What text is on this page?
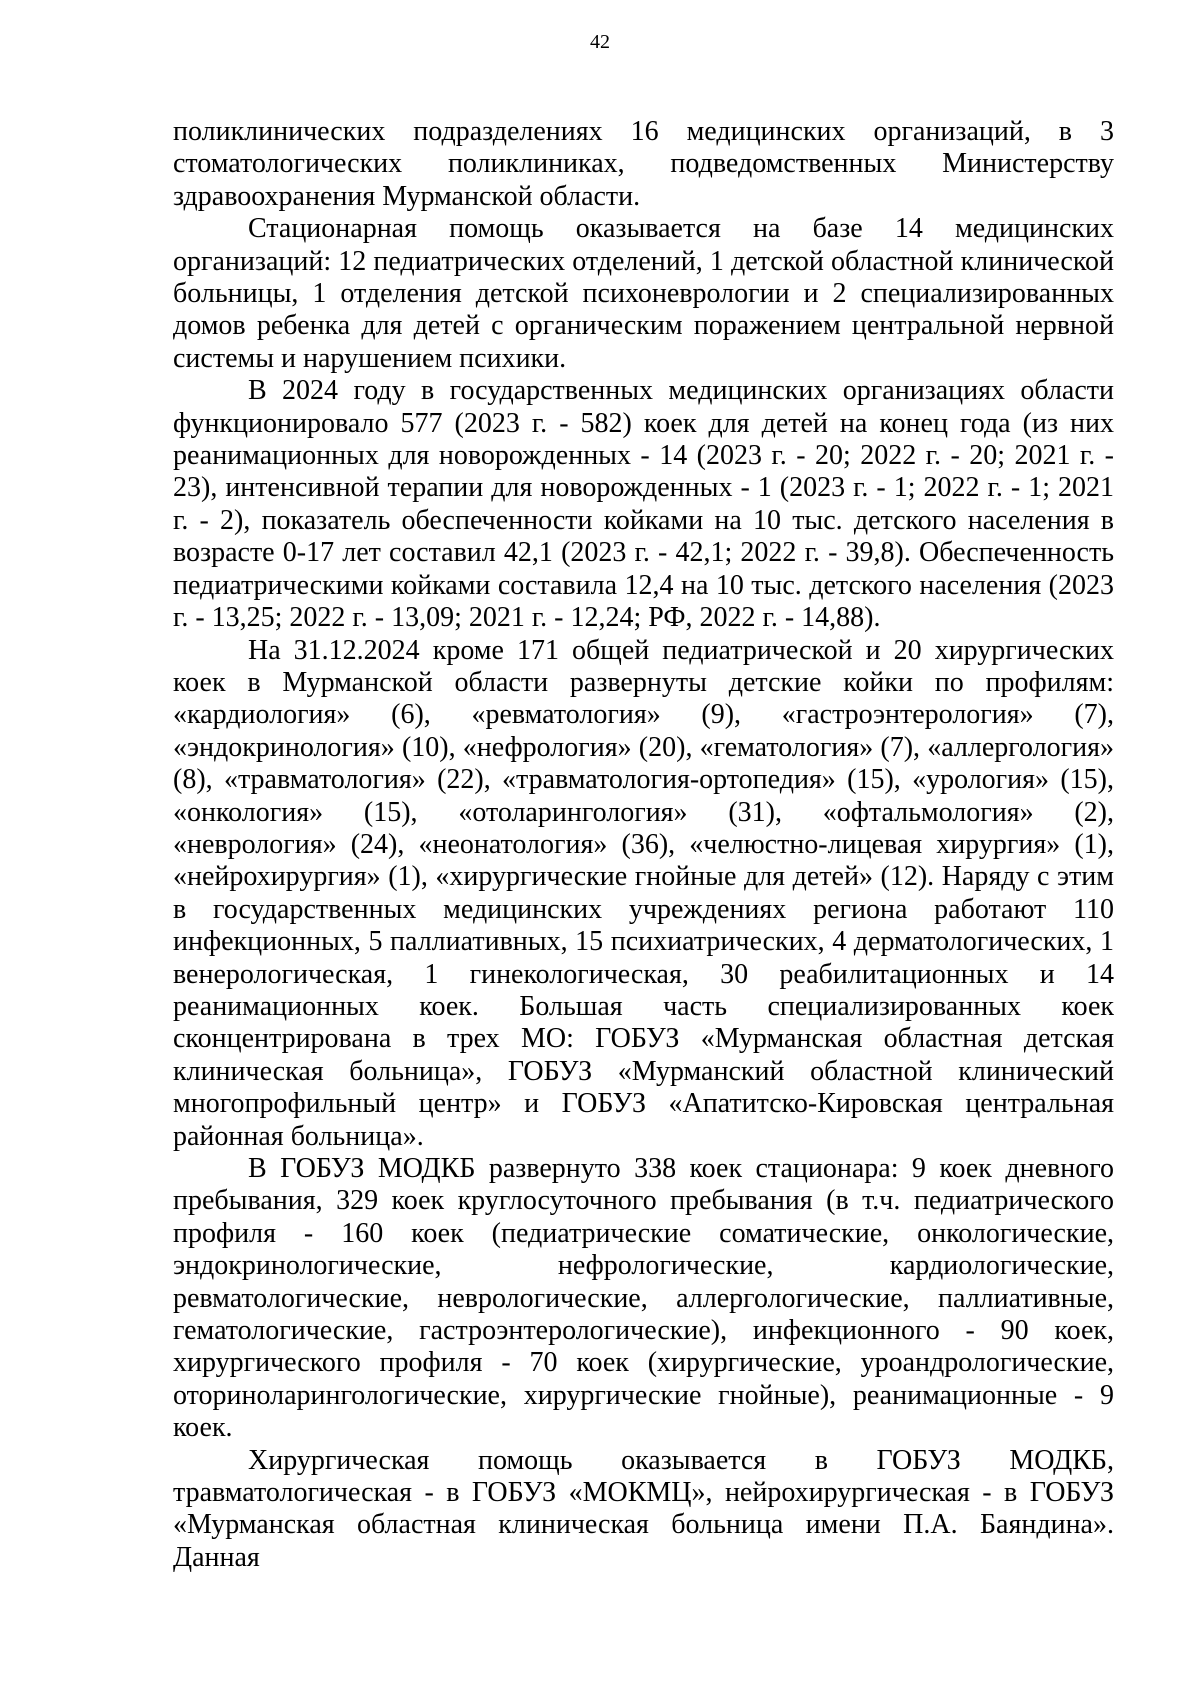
42

поликлинических подразделениях 16 медицинских организаций, в 3 стоматологических поликлиниках, подведомственных Министерству здравоохранения Мурманской области.

Стационарная помощь оказывается на базе 14 медицинских организаций: 12 педиатрических отделений, 1 детской областной клинической больницы, 1 отделения детской психоневрологии и 2 специализированных домов ребенка для детей с органическим поражением центральной нервной системы и нарушением психики.

В 2024 году в государственных медицинских организациях области функционировало 577 (2023 г. - 582) коек для детей на конец года (из них реанимационных для новорожденных - 14 (2023 г. - 20; 2022 г. - 20; 2021 г. - 23), интенсивной терапии для новорожденных - 1 (2023 г. - 1; 2022 г. - 1; 2021 г. - 2), показатель обеспеченности койками на 10 тыс. детского населения в возрасте 0-17 лет составил 42,1 (2023 г. - 42,1; 2022 г. - 39,8). Обеспеченность педиатрическими койками составила 12,4 на 10 тыс. детского населения (2023 г. - 13,25; 2022 г. - 13,09; 2021 г. - 12,24; РФ, 2022 г. - 14,88).

На 31.12.2024 кроме 171 общей педиатрической и 20 хирургических коек в Мурманской области развернуты детские койки по профилям: «кардиология» (6), «ревматология» (9), «гастроэнтерология» (7), «эндокринология» (10), «нефрология» (20), «гематология» (7), «аллергология» (8), «травматология» (22), «травматология-ортопедия» (15), «урология» (15), «онкология» (15), «отоларингология» (31), «офтальмология» (2), «неврология» (24), «неонатология» (36), «челюстно-лицевая хирургия» (1), «нейрохирургия» (1), «хирургические гнойные для детей» (12). Наряду с этим в государственных медицинских учреждениях региона работают 110 инфекционных, 5 паллиативных, 15 психиатрических, 4 дерматологических, 1 венерологическая, 1 гинекологическая, 30 реабилитационных и 14 реанимационных коек. Большая часть специализированных коек сконцентрирована в трех МО: ГОБУЗ «Мурманская областная детская клиническая больница», ГОБУЗ «Мурманский областной клинический многопрофильный центр» и ГОБУЗ «Апатитско-Кировская центральная районная больница».

В ГОБУЗ МОДКБ развернуто 338 коек стационара: 9 коек дневного пребывания, 329 коек круглосуточного пребывания (в т.ч. педиатрического профиля - 160 коек (педиатрические соматические, онкологические, эндокринологические, нефрологические, кардиологические, ревматологические, неврологические, аллергологические, паллиативные, гематологические, гастроэнтерологические), инфекционного - 90 коек, хирургического профиля - 70 коек (хирургические, уроандрологические, оториноларингологические, хирургические гнойные), реанимационные - 9 коек.

Хирургическая помощь оказывается в ГОБУЗ МОДКБ, травматологическая - в ГОБУЗ «МОКМЦ», нейрохирургическая - в ГОБУЗ «Мурманская областная клиническая больница имени П.А. Баяндина». Данная
